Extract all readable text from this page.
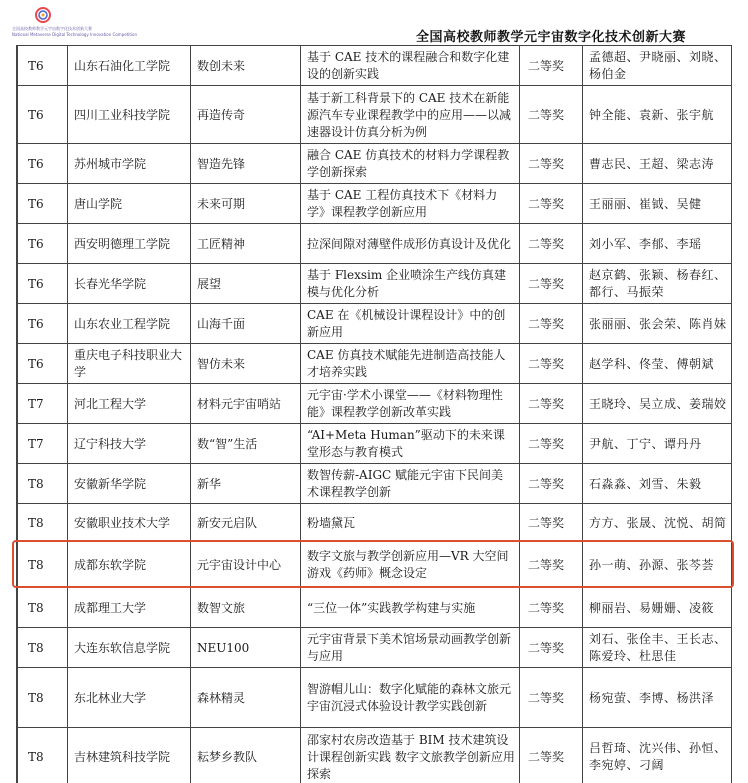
全国高校教师教学元宇宙数字化技术创新大赛
National Metaverse Digital Technology Innovation Competition	全国高校教师教学元宇宙数字化技术创新大赛
T6	山东石油化工学院	数创未来	基于 CAE 技术的课程融合和数字化建设的创新实践	二等奖	孟德超、尹晓丽、刘晓、杨伯金

T6	四川工业科技学院	再造传奇	基于新工科背景下的 CAE 技术在新能源汽车专业课程教学中的应用——以减速器设计仿真分析为例	二等奖	钟全能、袁新、张宇航

T6	苏州城市学院	智造先锋	融合 CAE 仿真技术的材料力学课程教学创新探索	二等奖	曹志民、王超、梁志涛

T6	唐山学院	未来可期	基于 CAE 工程仿真技术下《材料力学》课程教学创新应用	二等奖	王丽丽、崔钺、吴健

T6	西安明德理工学院	工匠精神	拉深间隙对薄壁件成形仿真设计及优化	二等奖	刘小军、李郁、李瑶

T6	长春光华学院	展望	基于 Flexsim 企业喷涂生产线仿真建模与优化分析	二等奖	赵京鹤、张颖、杨春红、都行、马振荣

T6	山东农业工程学院	山海千面	CAE 在《机械设计课程设计》中的创新应用	二等奖	张丽丽、张会荣、陈肖妹

T6	重庆电子科技职业大学	智仿未来	CAE 仿真技术赋能先进制造高技能人才培养实践	二等奖	赵学科、佟莹、傅朝斌

T7	河北工程大学	材料元宇宙哨站	元宇宙·学术小课堂——《材料物理性能》课程教学创新改革实践	二等奖	王晓玲、吴立成、姜瑞姣

T7	辽宁科技大学	数“智”生活	“AI+Meta Human”驱动下的未来课堂形态与教育模式	二等奖	尹航、丁宁、谭丹丹

T8	安徽新华学院	新华	数智传薪-AIGC 赋能元宇宙下民间美术课程教学创新	二等奖	石淼淼、刘雪、朱毅

T8	安徽职业技术大学	新安元启队	粉墙黛瓦	二等奖	方方、张晟、沈悦、胡简

T8	成都东软学院	元宇宙设计中心	数字文旅与教学创新应用—VR 大空间游戏《药师》概念设定	二等奖	孙一萌、孙源、张芩荟

T8	成都理工大学	数智文旅	“三位一体”实践教学构建与实施	二等奖	柳丽岩、易姗姗、凌筱

T8	大连东软信息学院	NEU100	元宇宙背景下美术馆场景动画教学创新与应用	二等奖	刘石、张佺丰、王长志、陈爱玲、杜思佳

T8	东北林业大学	森林精灵	智游帽儿山：数字化赋能的森林文旅元宇宙沉浸式体验设计教学实践创新	二等奖	杨宛萤、李博、杨洪泽

T8	吉林建筑科技学院	耘梦乡教队	邵家村农房改造基于 BIM 技术建筑设计课程创新实践 数字文旅教学创新应用探索	二等奖	吕哲琦、沈兴伟、孙恒、李宛婷、刁阔
